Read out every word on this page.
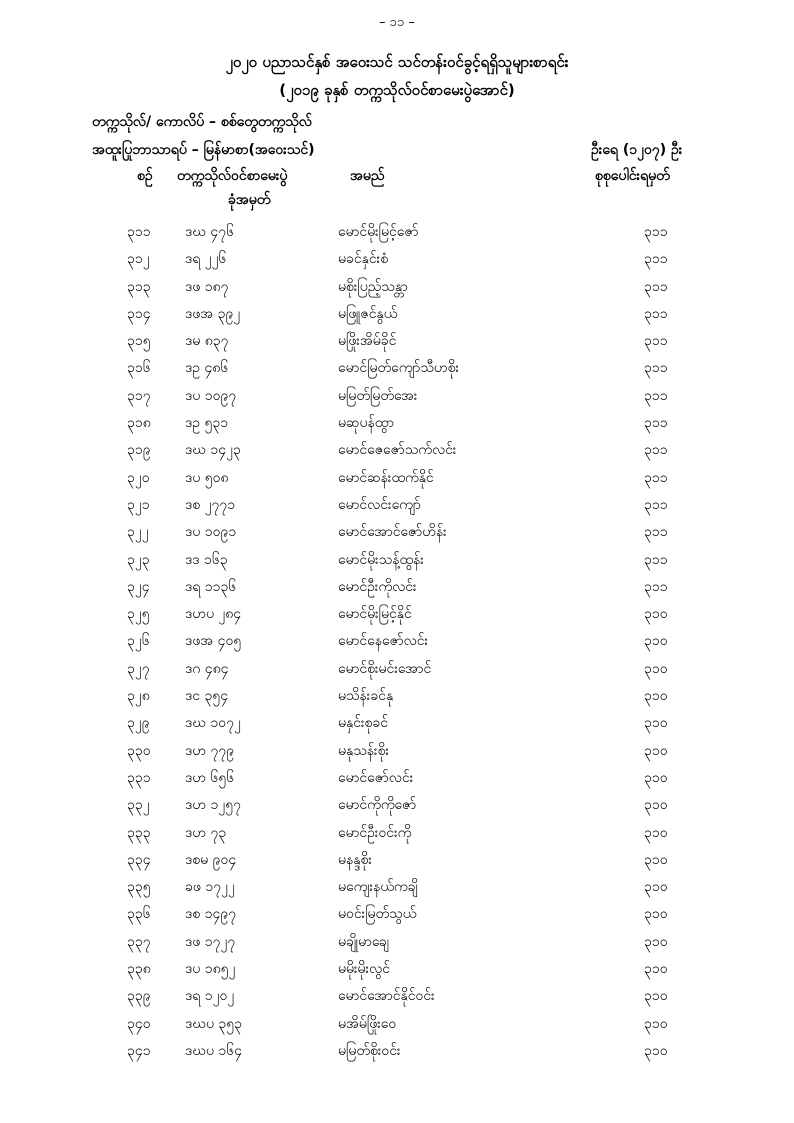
– ၁၁ –
၂၀၂၀ ပညာသင်နှစ် အဝေးသင် သင်တန်းဝင်ခွင့်ရရှိသူများစာရင်း
(၂၀၁၉ ခုနှစ် တက္ကသိုလ်ဝင်စာမေးပွဲအောင်)
တက္ကသိုလ်/ ကောလိပ် – စစ်တွေတက္ကသိုလ်
အထူးပြုဘာသာရပ် – မြန်မာစာ(အဝေးသင်)	ဦးရေ (၁၂၀၇) ဦး
စဉ် တက္ကသိုလ်ဝင်စာမေးပွဲ
ခုံအမှတ်
အမည်	စုစုပေါင်းရမှတ်
၃၁၁ ဒဃ ၄၇၆	မောင်မိုးမြင့်ဇော်	၃၁၁
၃၁၂	ဒရ ၂၂၆	မခင်နှင်းစံ	၃၁၁
၃၁၃ ဒဖ ၁၈၇	မစိုးပြည့်သန္တာ	၃၁၁
၃၁၄ ဒဖအ ၃၉၂	မဖြူဇင်နွယ်	၃၁၁
၃၁၅ ဒမ ၈၃၇	မဖြိုးအိမ်ခိုင်	၃၁၁
၃၁၆ ဒဥ ၄၈၆	မောင်မြတ်ကျော်သီဟစိုး	၃၁၁
၃၁၇ ဒပ ၁၀၉၇	မမြတ်မြတ်အေး	၃၁၁
၃၁၈ ဒဥ ၅၃၁	မဆုပန်ထွာ	၃၁၁
၃၁၉ ဒဃ ၁၄၂၃	မောင်ဇေဇော်သက်လင်း	၃၁၁
၃၂၀	ဒပ ၅၀၈	မောင်ဆန်းထက်နိုင်	၃၁၁
၃၂၁	ဒစ ၂၇၇၁	မောင်လင်းကျော်	၃၁၁
၃၂၂	ဒပ ၁၀၉၁	မောင်အောင်ဇော်ဟိန်း	၃၁၁
၃၂၃	ဒဒ ၁၆၃	မောင်မိုးသန့်ထွန်း	၃၁၁
၃၂၄	ဒရ ၁၁၃၆	မောင်ဦးကိုလင်း	၃၁၁
၃၂၅	ဒဟပ ၂၈၄	မောင်မိုးမြင့်နိုင်	၃၁၀
၃၂၆	ဒဖအ ၄၀၅	မောင်နေဇော်လင်း	၃၁၀
၃၂၇	ဒဂ ၄၈၄	မောင်စိုးမင်းအောင်	၃၁၀
၃၂၈	ဒင ၃၅၄	မသိန်းခင်နု	၃၁၀
၃၂၉	ဒဃ ၁၀၇၂	မနှင်းစုခင်	၃၁၀
၃၃၀ ဒဟ ၇၇၉	မနုသန်းစိုး	၃၁၀
၃၃၁ ဒဟ ၆၅၆	မောင်ဇော်လင်း	၃၁၀
၃၃၂	ဒဟ ၁၂၅၇	မောင်ကိုကိုဇော်	၃၁၀
၃၃၃ ဒဟ ၇၃	မောင်ဦးဝင်းကို	၃၁၀
၃၃၄ ဒစမ ၉၀၄	မနန္ဒစိုး	၃၁၀
၃၃၅ ခဖ ၁၇၂၂	မကျေးနယ်ကချိ	၃၁၀
၃၃၆ ဒစ ၁၄၉၇	မဝင်းမြတ်သွယ်	၃၁၀
၃၃၇ ဒဖ ၁၇၂၇	မချိုမာချေ	၃၁၀
၃၃၈ ဒပ ၁၈၅၂	မမိုးမိုးလွင်	၃၁၀
၃၃၉ ဒရ ၁၂၀၂	မောင်အောင်နိုင်ဝင်း	၃၁၀
၃၄၀ ဒဃပ ၃၅၃	မအိမ်ဖြိုးဝေ	၃၁၀
၃၄၁ ဒဃပ ၁၆၄	မမြတ်စိုးဝင်း	၃၁၀
